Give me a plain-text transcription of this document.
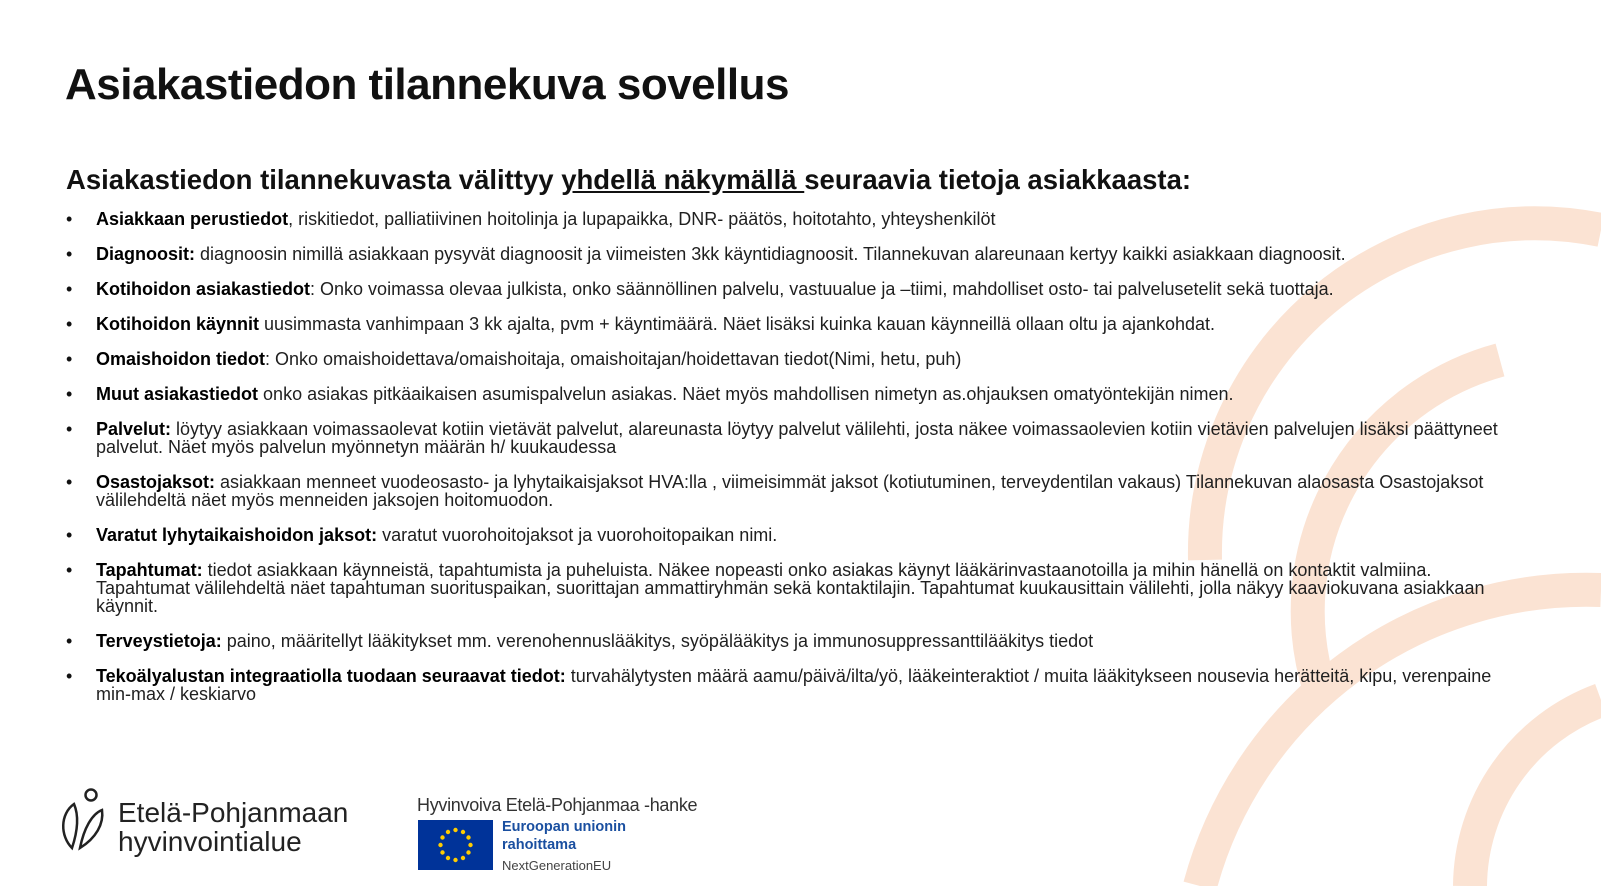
Asiakastiedon tilannekuva sovellus
Asiakastiedon tilannekuvasta välittyy yhdellä näkymällä seuraavia tietoja asiakkaasta:
• Asiakkaan perustiedot, riskitiedot, palliatiivinen hoitolinja ja lupapaikka, DNR- päätös, hoitotahto, yhteyshenkilöt
• Diagnoosit: diagnoosin nimillä asiakkaan pysyvät diagnoosit ja viimeisten 3kk käyntidiagnoosit. Tilannekuvan alareunaan kertyy kaikki asiakkaan diagnoosit.
• Kotihoidon asiakastiedot: Onko voimassa olevaa julkista, onko säännöllinen palvelu, vastuualue ja –tiimi, mahdolliset osto- tai palvelusetelit sekä tuottaja.
• Kotihoidon käynnit uusimmasta vanhimpaan 3 kk ajalta, pvm + käyntimäärä. Näet lisäksi kuinka kauan käynneillä ollaan oltu ja ajankohdat.
• Omaishoidon tiedot: Onko omaishoidettava/omaishoitaja, omaishoitajan/hoidettavan tiedot(Nimi, hetu, puh)
• Muut asiakastiedot onko asiakas pitkäaikaisen asumispalvelun asiakas. Näet myös mahdollisen nimetyn as.ohjauksen omatyöntekijän nimen.
• Palvelut: löytyy asiakkaan voimassaolevat kotiin vietävät palvelut, alareunasta löytyy palvelut välilehti, josta näkee voimassaolevien kotiin vietävien palvelujen lisäksi päättyneet palvelut. Näet myös palvelun myönnetyn määrän h/ kuukaudessa
• Osastojaksot: asiakkaan menneet vuodeosasto- ja lyhytaikaisjaksot HVA:lla , viimeisimmät jaksot (kotiutuminen, terveydentilan vakaus) Tilannekuvan alaosasta Osastojaksot välilehdeltä näet myös menneiden jaksojen hoitomuodon.
• Varatut lyhytaikaishoidon jaksot: varatut vuorohoitojaksot ja vuorohoitopaikan nimi.
• Tapahtumat: tiedot asiakkaan käynneistä, tapahtumista ja puheluista. Näkee nopeasti onko asiakas käynyt lääkärinvastaanotoilla ja mihin hänellä on kontaktit valmiina. Tapahtumat välilehdeltä näet tapahtuman suorituspaikan, suorittajan ammattiryhmän sekä kontaktilajin. Tapahtumat kuukausittain välilehti, jolla näkyy kaaviokuvana asiakkaan käynnit.
• Terveystietoja: paino, määritellyt lääkitykset mm. verenohennuslääkitys, syöpälääkitys ja immunosuppressanttilääkitys tiedot
• Tekoälyalustan integraatiolla tuodaan seuraavat tiedot: turvahälytysten määrä aamu/päivä/ilta/yö, lääkeinteraktiot / muita lääkitykseen nousevia herätteitä, kipu, verenpaine min-max / keskiarvo
Etelä-Pohjanmaan
hyvinvointialue
Hyvinvoiva Etelä-Pohjanmaa -hanke
Euroopan unionin
rahoittama
NextGenerationEU
